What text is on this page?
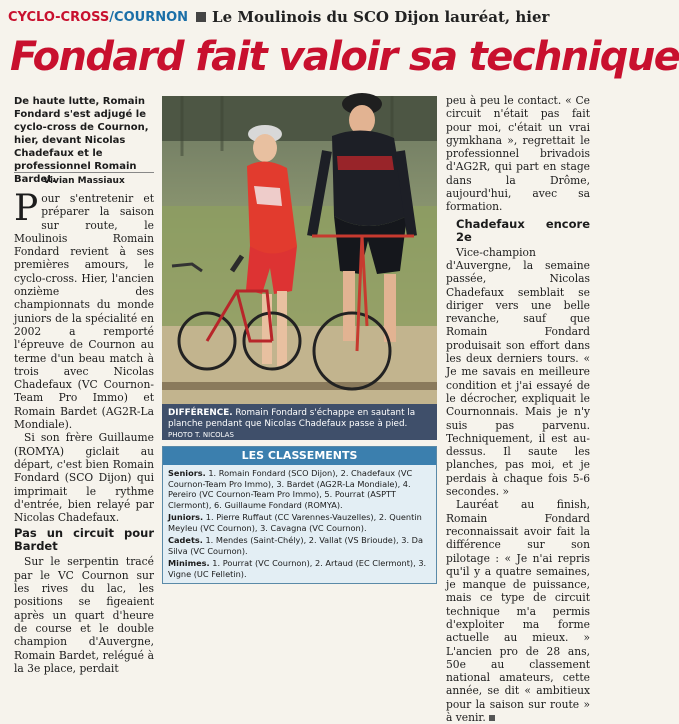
CYCLO-CROSS / COURNON Le Moulinois du SCO Dijon lauréat, hier
Fondard fait valoir sa technique
De haute lutte, Romain Fondard s'est adjugé le cyclo-cross de Cournon, hier, devant Nicolas Chadefaux et le professionnel Romain Bardet.
Vivian Massiaux

Pour s'entretenir et préparer la saison sur route, le Moulinois Romain Fondard revient à ses premières amours, le cyclo-cross. Hier, l'ancien onzième des championnats du monde juniors de la spécialité en 2002 a remporté l'épreuve de Cournon au terme d'un beau match à trois avec Nicolas Chadefaux (VC Cournon-Team Pro Immo) et Romain Bardet (AG2R-La Mondiale).

Si son frère Guillaume (ROMYA) giclait au départ, c'est bien Romain Fondard (SCO Dijon) qui imprimait le rythme d'entrée, bien relayé par Nicolas Chadefaux.

Pas un circuit pour Bardet

Sur le serpentin tracé par le VC Cournon sur les rives du lac, les positions se figeaient après un quart d'heure de course et le double champion d'Auvergne, Romain Bardet, relégué à la 3e place, perdait

DIFFÉRENCE. Romain Fondard s'échappe en sautant la planche pendant que Nicolas Chadefaux passe à pied. PHOTO T. NICOLAS
LES CLASSEMENTS
Seniors. 1. Romain Fondard (SCO Dijon), 2. Chadefaux (VC Cournon-Team Pro Immo), 3. Bardet (AG2R-La Mondiale), 4. Pereiro (VC Cournon-Team Pro Immo), 5. Pourrat (ASPTT Clermont), 6. Guillaume Fondard (ROMYA).
Juniors. 1. Pierre Ruffaut (CC Varennes-Vauzelles), 2. Quentin Meyleu (VC Cournon), 3. Cavagna (VC Cournon).
Cadets. 1. Mendes (Saint-Chély), 2. Vallat (VS Brioude), 3. Da Silva (VC Cournon).
Minimes. 1. Pourrat (VC Cournon), 2. Artaud (EC Clermont), 3. Vigne (UC Felletin).

peu à peu le contact. « Ce circuit n'était pas fait pour moi, c'était un vrai gymkhana », regrettait le professionnel brivadois d'AG2R, qui part en stage dans la Drôme, aujourd'hui, avec sa formation.

Chadefaux encore 2e

Vice-champion d'Auvergne, la semaine passée, Nicolas Chadefaux semblait se diriger vers une belle revanche, sauf que Romain Fondard produisait son effort dans les deux derniers tours. « Je me savais en meilleure condition et j'ai essayé de le décrocher, expliquait le Cournonnais. Mais je n'y suis pas parvenu. Techniquement, il est au-dessus. Il saute les planches, pas moi, et je perdais à chaque fois 5-6 secondes. »

Lauréat au finish, Romain Fondard reconnaissait avoir fait la différence sur son pilotage : « Je n'ai repris qu'il y a quatre semaines, je manque de puissance, mais ce type de circuit technique m'a permis d'exploiter ma forme actuelle au mieux. » L'ancien pro de 28 ans, 50e au classement national amateurs, cette année, se dit « ambitieux pour la saison sur route » à venir.
